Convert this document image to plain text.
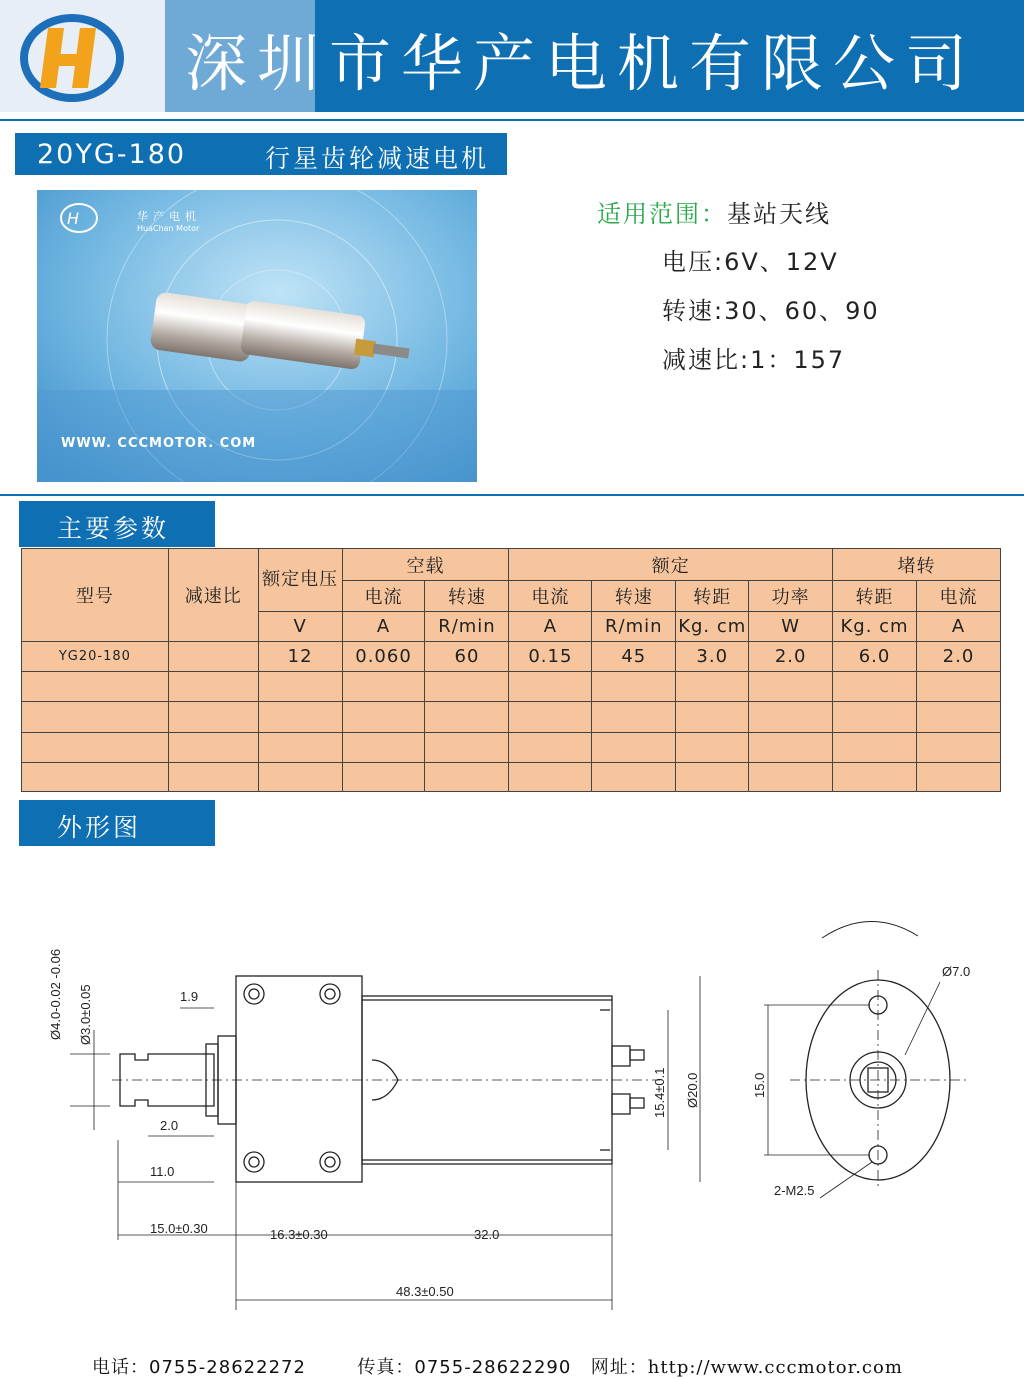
深圳市华产电机有限公司
20YG-180	行星齿轮减速电机
H	华产电机
HuaChan Motor
WWW. CCCMOTOR. COM
适用范围：基站天线
电压:6V、12V
转速:30、60、90
减速比:1：157
主要参数
型号	减速比	额定电压	空载		额定				堵转	
			电流	转速	电流	转速	转距	功率	转距	电流
		V	A	R/min	A	R/min	Kg. cm	W	Kg. cm	A
YG20-180		12	0.060	60	0.15	45	3.0	2.0	6.0	2.0

外形图
Ø4.0-0.02 -0.06 Ø3.0±0.05	1.9
2.0
11.0
15.0±0.30	16.3±0.30	32.0
48.3±0.50
15.4±0.1 Ø20.0
Ø7.0
15.0
2-M2.5
电话：0755-28622272	传真：0755-28622290 网址：http://www.cccmotor.com
